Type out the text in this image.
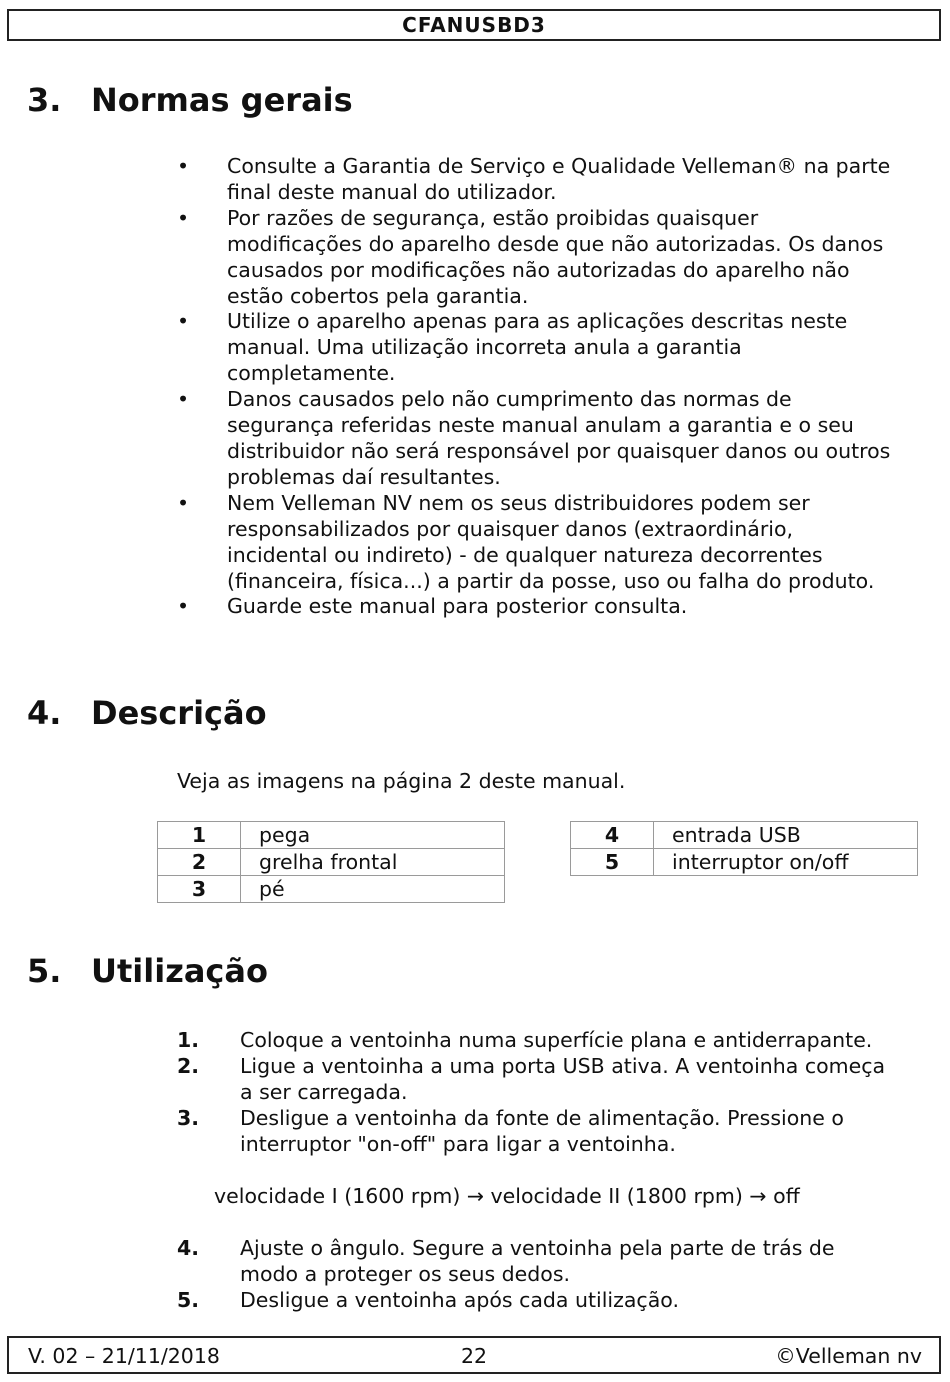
CFANUSBD3
3. Normas gerais
• Consulte a Garantia de Serviço e Qualidade Velleman® na parte final deste manual do utilizador.
• Por razões de segurança, estão proibidas quaisquer modificações do aparelho desde que não autorizadas. Os danos causados por modificações não autorizadas do aparelho não estão cobertos pela garantia.
• Utilize o aparelho apenas para as aplicações descritas neste manual. Uma utilização incorreta anula a garantia completamente.
• Danos causados pelo não cumprimento das normas de segurança referidas neste manual anulam a garantia e o seu distribuidor não será responsável por quaisquer danos ou outros problemas daí resultantes.
• Nem Velleman NV nem os seus distribuidores podem ser responsabilizados por quaisquer danos (extraordinário, incidental ou indireto) - de qualquer natureza decorrentes (financeira, física...) a partir da posse, uso ou falha do produto.
• Guarde este manual para posterior consulta.
4. Descrição

Veja as imagens na página 2 deste manual.

1	pega
2	grelha frontal
3	pé
4	entrada USB
5	interruptor on/off
5. Utilização
1. Coloque a ventoinha numa superfície plana e antiderrapante.
2. Ligue a ventoinha a uma porta USB ativa. A ventoinha começa a ser carregada.
3. Desligue a ventoinha da fonte de alimentação. Pressione o interruptor "on-off" para ligar a ventoinha.

velocidade I (1600 rpm) → velocidade II (1800 rpm) → off

4. Ajuste o ângulo. Segure a ventoinha pela parte de trás de modo a proteger os seus dedos.
5. Desligue a ventoinha após cada utilização.
V. 02 – 21/11/2018	22	©Velleman nv
